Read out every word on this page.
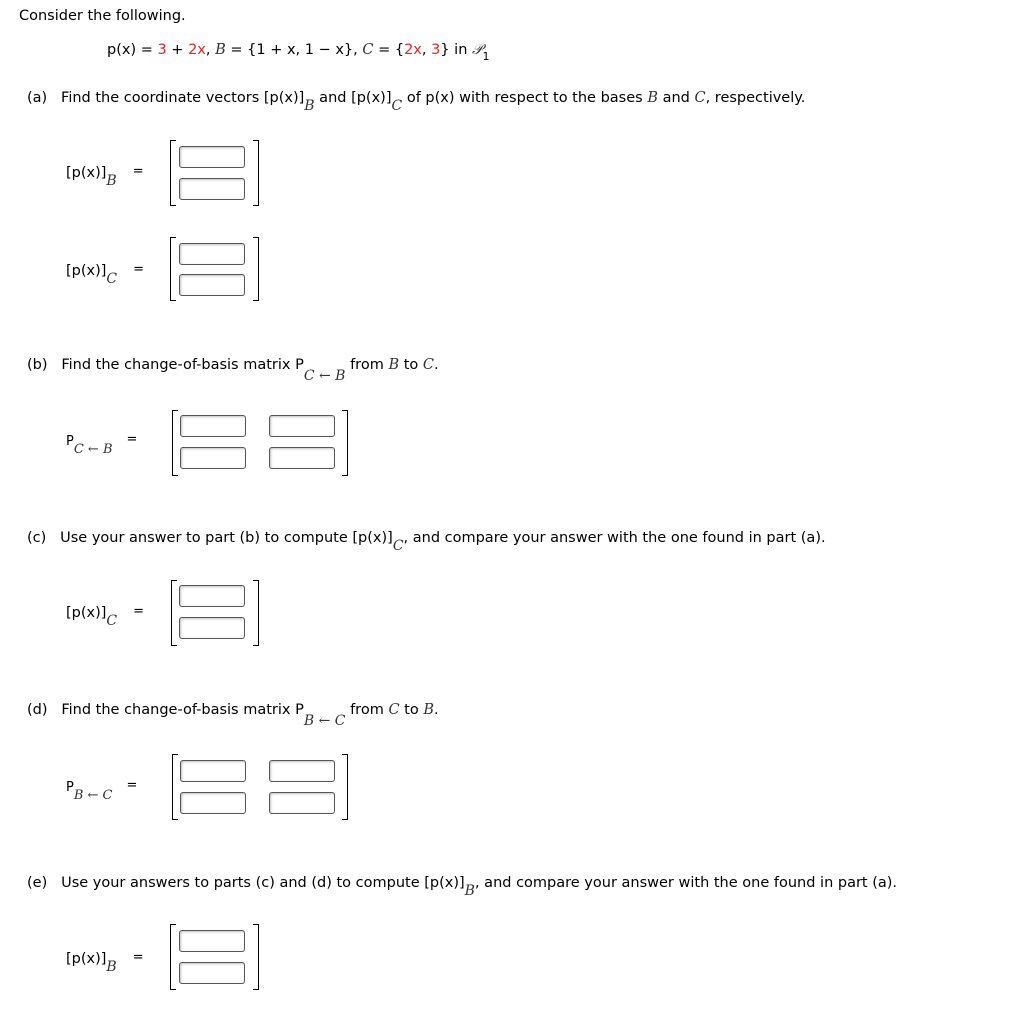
Consider the following.
p(x) = 3 + 2x, B = {1 + x, 1 − x}, C = {2x, 3} in 𝒫$_1$
(a) Find the coordinate vectors [p(x)]B and [p(x)]C of p(x) with respect to the bases B and C, respectively.
[p(x)]B=
[p(x)]C=
(b) Find the change-of-basis matrix PC ← B from B to C.
PC ← B=
(c) Use your answer to part (b) to compute [p(x)]C, and compare your answer with the one found in part (a).
[p(x)]C=
(d) Find the change-of-basis matrix PB ← C from C to B.
PB ← C=
(e) Use your answers to parts (c) and (d) to compute [p(x)]B, and compare your answer with the one found in part (a).
[p(x)]B=
